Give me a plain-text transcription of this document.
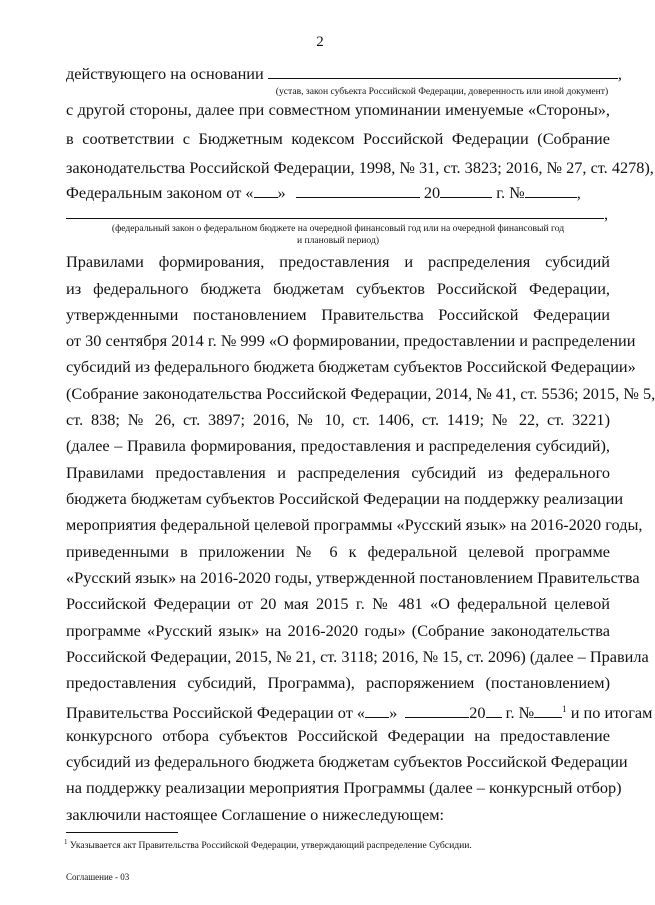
2
действующего на основании	,
(устав, закон субъекта Российской Федерации, доверенность или иной документ)
с другой стороны, далее при совместном упоминании именуемые «Стороны»,
в соответствии с Бюджетным кодексом Российской Федерации (Собрание
законодательства Российской Федерации, 1998, № 31, ст. 3823; 2016, № 27, ст. 4278),
Федеральным законом от « »	20	г. №	,
,
(федеральный закон о федеральном бюджете на очередной финансовый год или на очередной финансовый год
и плановый период)
Правилами формирования, предоставления и распределения субсидий
из федерального бюджета бюджетам субъектов Российской Федерации,
утвержденными постановлением Правительства Российской Федерации
от 30 сентября 2014 г. № 999 «О формировании, предоставлении и распределении
субсидий из федерального бюджета бюджетам субъектов Российской Федерации»
(Собрание законодательства Российской Федерации, 2014, № 41, ст. 5536; 2015, № 5,
ст. 838; № 26, ст. 3897; 2016, № 10, ст. 1406, ст. 1419; № 22, ст. 3221)
(далее – Правила формирования, предоставления и распределения субсидий),
Правилами предоставления и распределения субсидий из федерального
бюджета бюджетам субъектов Российской Федерации на поддержку реализации
мероприятия федеральной целевой программы «Русский язык» на 2016-2020 годы,
приведенными в приложении № 6 к федеральной целевой программе
«Русский язык» на 2016-2020 годы, утвержденной постановлением Правительства
Российской Федерации от 20 мая 2015 г. № 481 «О федеральной целевой
программе «Русский язык» на 2016-2020 годы» (Собрание законодательства
Российской Федерации, 2015, № 21, ст. 3118; 2016, № 15, ст. 2096) (далее – Правила
предоставления субсидий, Программа), распоряжением (постановлением)
Правительства Российской Федерации от « »	20 г. №	$^1$ и по итогам
конкурсного отбора субъектов Российской Федерации на предоставление
субсидий из федерального бюджета бюджетам субъектов Российской Федерации
на поддержку реализации мероприятия Программы (далее – конкурсный отбор)
заключили настоящее Соглашение о нижеследующем:
$^1$ Указывается акт Правительства Российской Федерации, утверждающий распределение Субсидии.
Соглашение - 03
